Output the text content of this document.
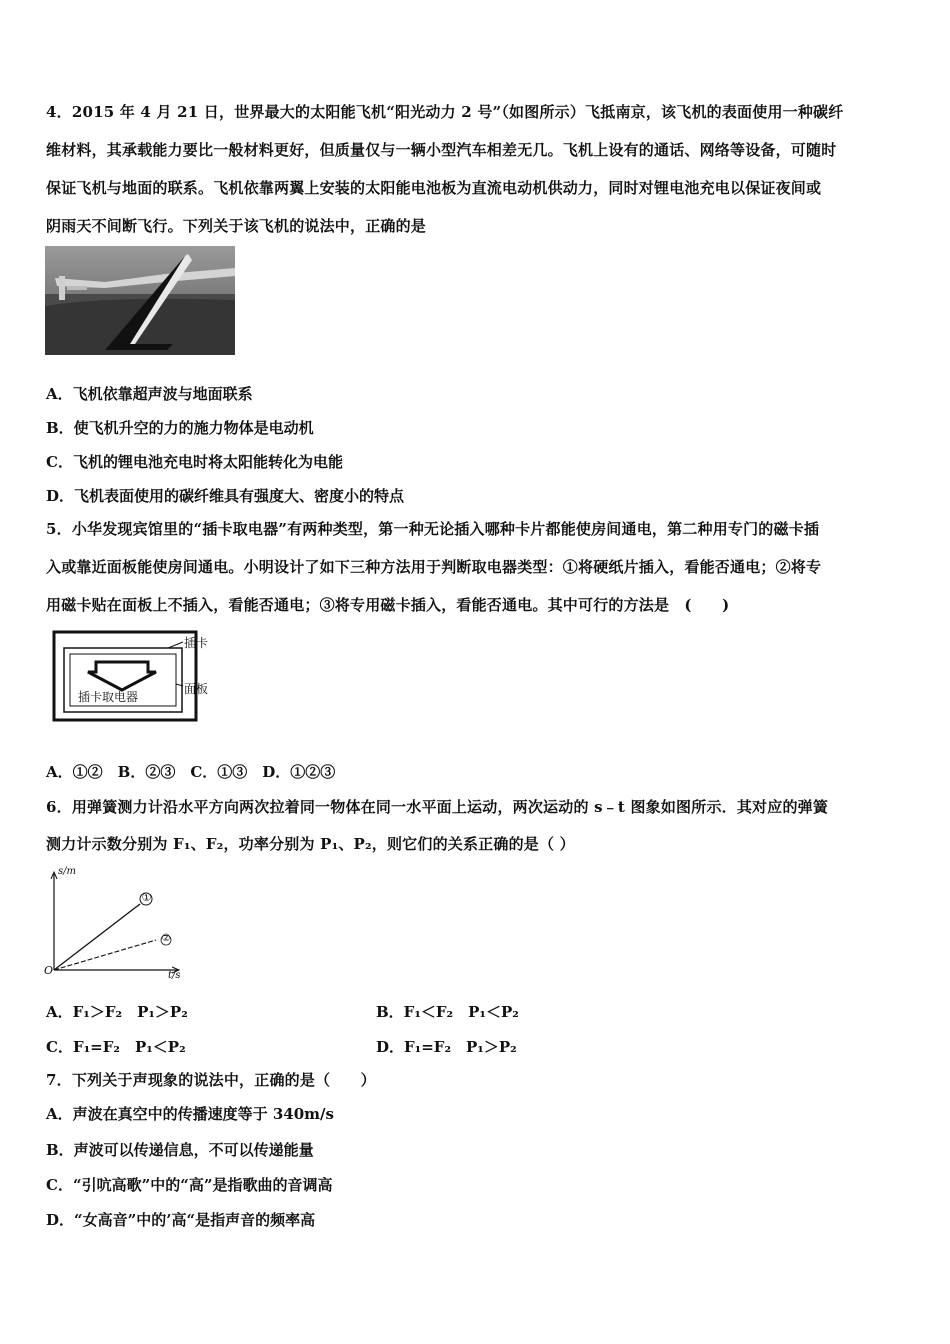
4．2015 年 4 月 21 日，世界最大的太阳能飞机“阳光动力 2 号”（如图所示）飞抵南京，该飞机的表面使用一种碳纤
维材料，其承载能力要比一般材料更好，但质量仅与一辆小型汽车相差无几。飞机上设有的通话、网络等设备，可随时
保证飞机与地面的联系。飞机依靠两翼上安装的太阳能电池板为直流电动机供动力，同时对锂电池充电以保证夜间或
阴雨天不间断飞行。下列关于该飞机的说法中，正确的是
A．飞机依靠超声波与地面联系
B．使飞机升空的力的施力物体是电动机
C．飞机的锂电池充电时将太阳能转化为电能
D．飞机表面使用的碳纤维具有强度大、密度小的特点
5．小华发现宾馆里的“插卡取电器”有两种类型，第一种无论插入哪种卡片都能使房间通电，第二种用专门的磁卡插
入或靠近面板能使房间通电。小明设计了如下三种方法用于判断取电器类型：①将硬纸片插入，看能否通电；②将专
用磁卡贴在面板上不插入，看能否通电；③将专用磁卡插入，看能否通电。其中可行的方法是　(　　)
插卡
面板
插卡取电器
A．①②　B．②③　C．①③　D．①②③
6．用弹簧测力计沿水平方向两次拉着同一物体在同一水平面上运动，两次运动的 s﹣t 图象如图所示．其对应的弹簧
测力计示数分别为 F₁、F₂，功率分别为 P₁、P₂，则它们的关系正确的是（ ）
s/m
t/s
O
①
②
A．F₁＞F₂　P₁＞P₂	B．F₁＜F₂　P₁＜P₂
C．F₁=F₂　P₁＜P₂	D．F₁=F₂　P₁＞P₂
7．下列关于声现象的说法中，正确的是（　　）
A．声波在真空中的传播速度等于 340m/s
B．声波可以传递信息，不可以传递能量
C．“引吭高歌”中的“高”是指歌曲的音调高
D．“女高音”中的’高“是指声音的频率高
